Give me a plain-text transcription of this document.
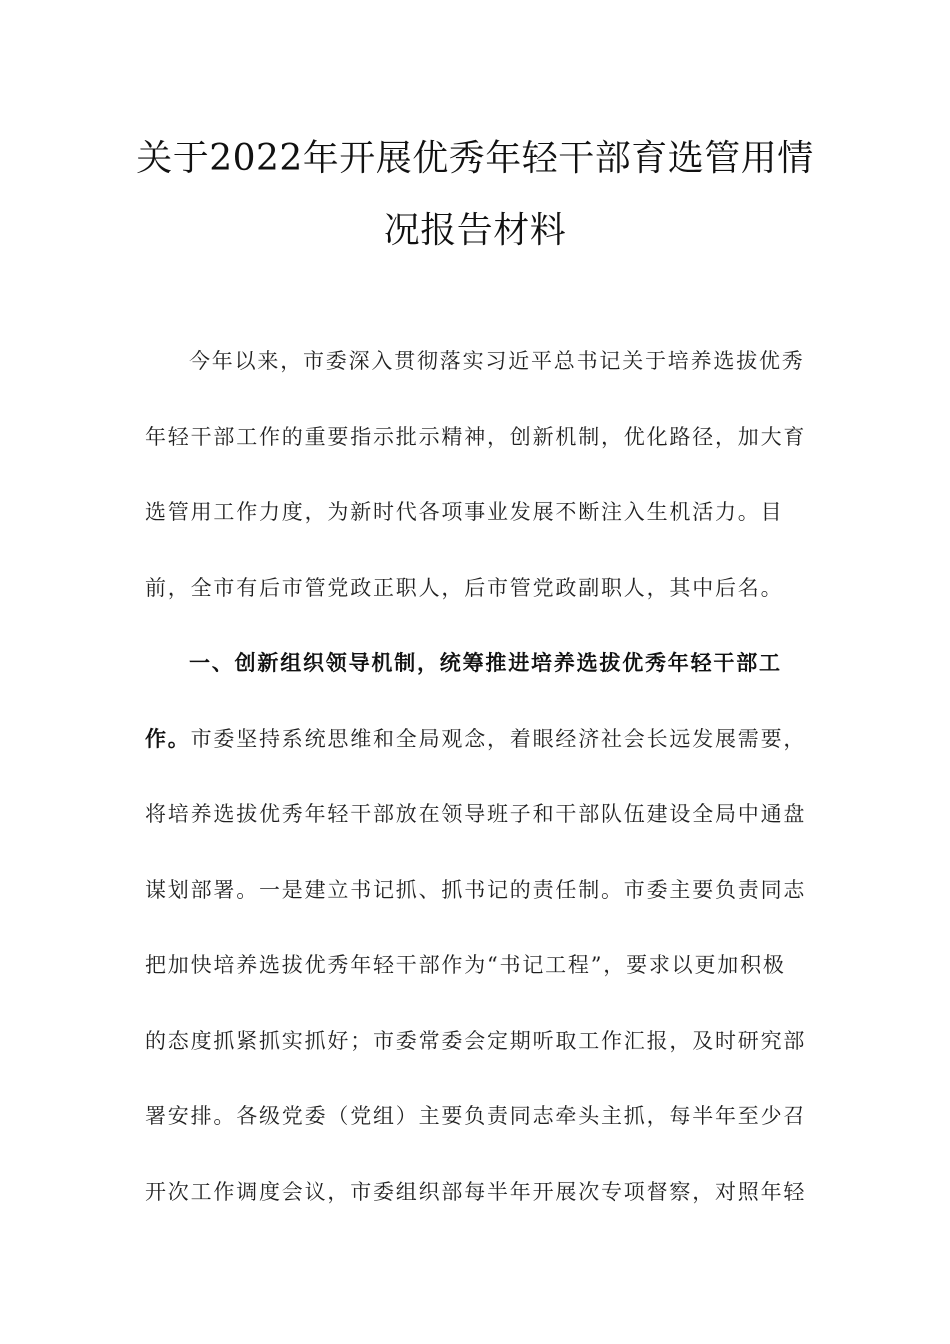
关于2022年开展优秀年轻干部育选管用情
况报告材料
今年以来，市委深入贯彻落实习近平总书记关于培养选拔优秀
年轻干部工作的重要指示批示精神，创新机制，优化路径，加大育
选管用工作力度，为新时代各项事业发展不断注入生机活力。目
前，全市有后市管党政正职人，后市管党政副职人，其中后名。
一、创新组织领导机制，统筹推进培养选拔优秀年轻干部工
作。市委坚持系统思维和全局观念，着眼经济社会长远发展需要，
将培养选拔优秀年轻干部放在领导班子和干部队伍建设全局中通盘
谋划部署。一是建立书记抓、抓书记的责任制。市委主要负责同志
把加快培养选拔优秀年轻干部作为“书记工程”，要求以更加积极
的态度抓紧抓实抓好；市委常委会定期听取工作汇报，及时研究部
署安排。各级党委（党组）主要负责同志牵头主抓，每半年至少召
开次工作调度会议，市委组织部每半年开展次专项督察，对照年轻
